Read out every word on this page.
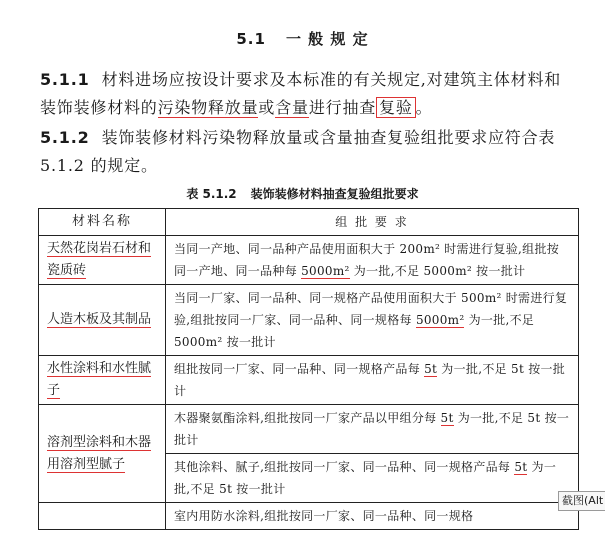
5.1 一 般 规 定
5.1.1 材料进场应按设计要求及本标准的有关规定,对建筑主体材料和装饰装修材料的污染物释放量或含量进行抽查 复验 。
5.1.2 装饰装修材料污染物释放量或含量抽查复验组批要求应符合表 5.1.2 的规定。
表 5.1.2 装饰装修材料抽查复验组批要求
材料名称	组 批 要 求
天然花岗岩石材和瓷质砖	当同一产地、同一品种产品使用面积大于 200m² 时需进行复验,组批按同一产地、同一品种每 5000m² 为一批,不足 5000m² 按一批计
人造木板及其制品	当同一厂家、同一品种、同一规格产品使用面积大于 500m² 时需进行复验,组批按同一厂家、同一品种、同一规格每 5000m² 为一批,不足 5000m² 按一批计
水性涂料和水性腻子	组批按同一厂家、同一品种、同一规格产品每 5t 为一批,不足 5t 按一批计
溶剂型涂料和木器用溶剂型腻子	木器聚氨酯涂料,组批按同一厂家产品以甲组分每 5t 为一批,不足 5t 按一批计
	其他涂料、腻子,组批按同一厂家、同一品种、同一规格产品每 5t 为一批,不足 5t 按一批计
	室内用防水涂料,组批按同一厂家、同一品种、同一规格
截图(Alt
